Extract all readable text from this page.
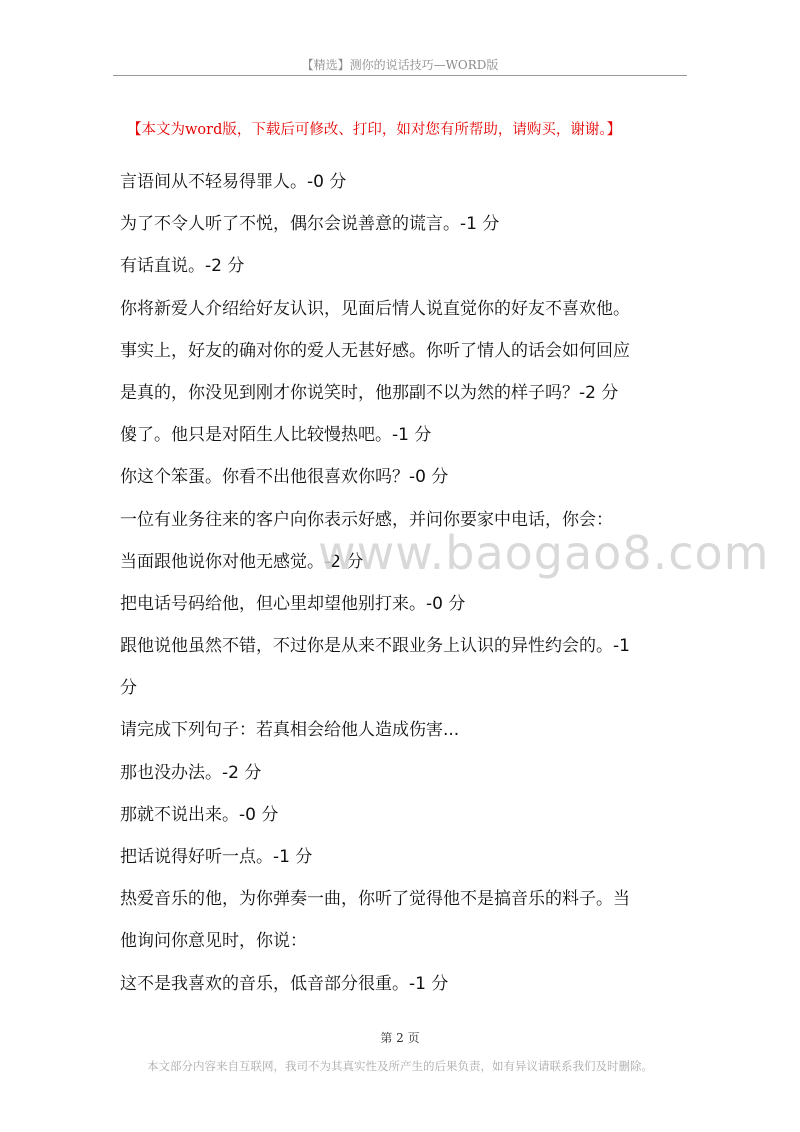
【精选】测你的说话技巧—WORD版
【本文为word版，下载后可修改、打印，如对您有所帮助，请购买，谢谢。】
言语间从不轻易得罪人。-0 分
为了不令人听了不悦，偶尔会说善意的谎言。-1 分
有话直说。-2 分
你将新爱人介绍给好友认识，见面后情人说直觉你的好友不喜欢他。
事实上，好友的确对你的爱人无甚好感。你听了情人的话会如何回应
是真的，你没见到刚才你说笑时，他那副不以为然的样子吗？-2 分
傻了。他只是对陌生人比较慢热吧。-1 分
你这个笨蛋。你看不出他很喜欢你吗？-0 分
一位有业务往来的客户向你表示好感，并问你要家中电话，你会：
当面跟他说你对他无感觉。-2 分
把电话号码给他，但心里却望他别打来。-0 分
跟他说他虽然不错，不过你是从来不跟业务上认识的异性约会的。-1
分
请完成下列句子：若真相会给他人造成伤害...
那也没办法。-2 分
那就不说出来。-0 分
把话说得好听一点。-1 分
热爱音乐的他，为你弹奏一曲，你听了觉得他不是搞音乐的料子。当
他询问你意见时，你说：
这不是我喜欢的音乐，低音部分很重。-1 分
www.baogao8.com
第 2 页
本文部分内容来自互联网，我司不为其真实性及所产生的后果负责，如有异议请联系我们及时删除。
